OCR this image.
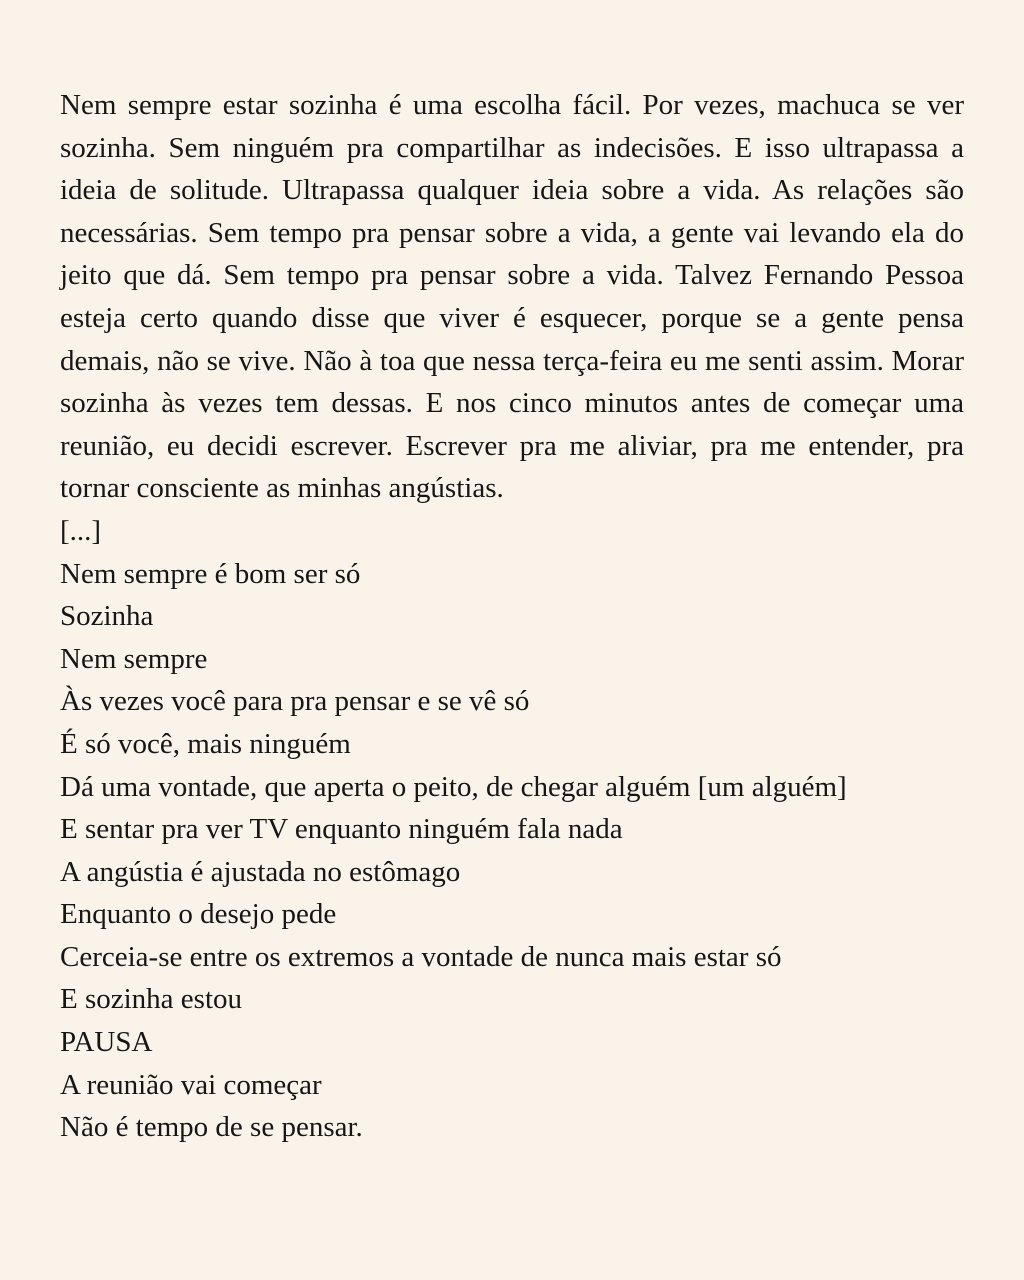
Nem sempre estar sozinha é uma escolha fácil. Por vezes, machuca se ver sozinha. Sem ninguém pra compartilhar as indecisões. E isso ultrapassa a ideia de solitude. Ultrapassa qualquer ideia sobre a vida. As relações são necessárias. Sem tempo pra pensar sobre a vida, a gente vai levando ela do jeito que dá. Sem tempo pra pensar sobre a vida. Talvez Fernando Pessoa esteja certo quando disse que viver é esquecer, porque se a gente pensa demais, não se vive. Não à toa que nessa terça-feira eu me senti assim. Morar sozinha às vezes tem dessas. E nos cinco minutos antes de começar uma reunião, eu decidi escrever. Escrever pra me aliviar, pra me entender, pra tornar consciente as minhas angústias.

[...]
Nem sempre é bom ser só
Sozinha
Nem sempre
Às vezes você para pra pensar e se vê só
É só você, mais ninguém
Dá uma vontade, que aperta o peito, de chegar alguém [um alguém]
E sentar pra ver TV enquanto ninguém fala nada
A angústia é ajustada no estômago
Enquanto o desejo pede
Cerceia-se entre os extremos a vontade de nunca mais estar só
E sozinha estou
PAUSA
A reunião vai começar
Não é tempo de se pensar.
